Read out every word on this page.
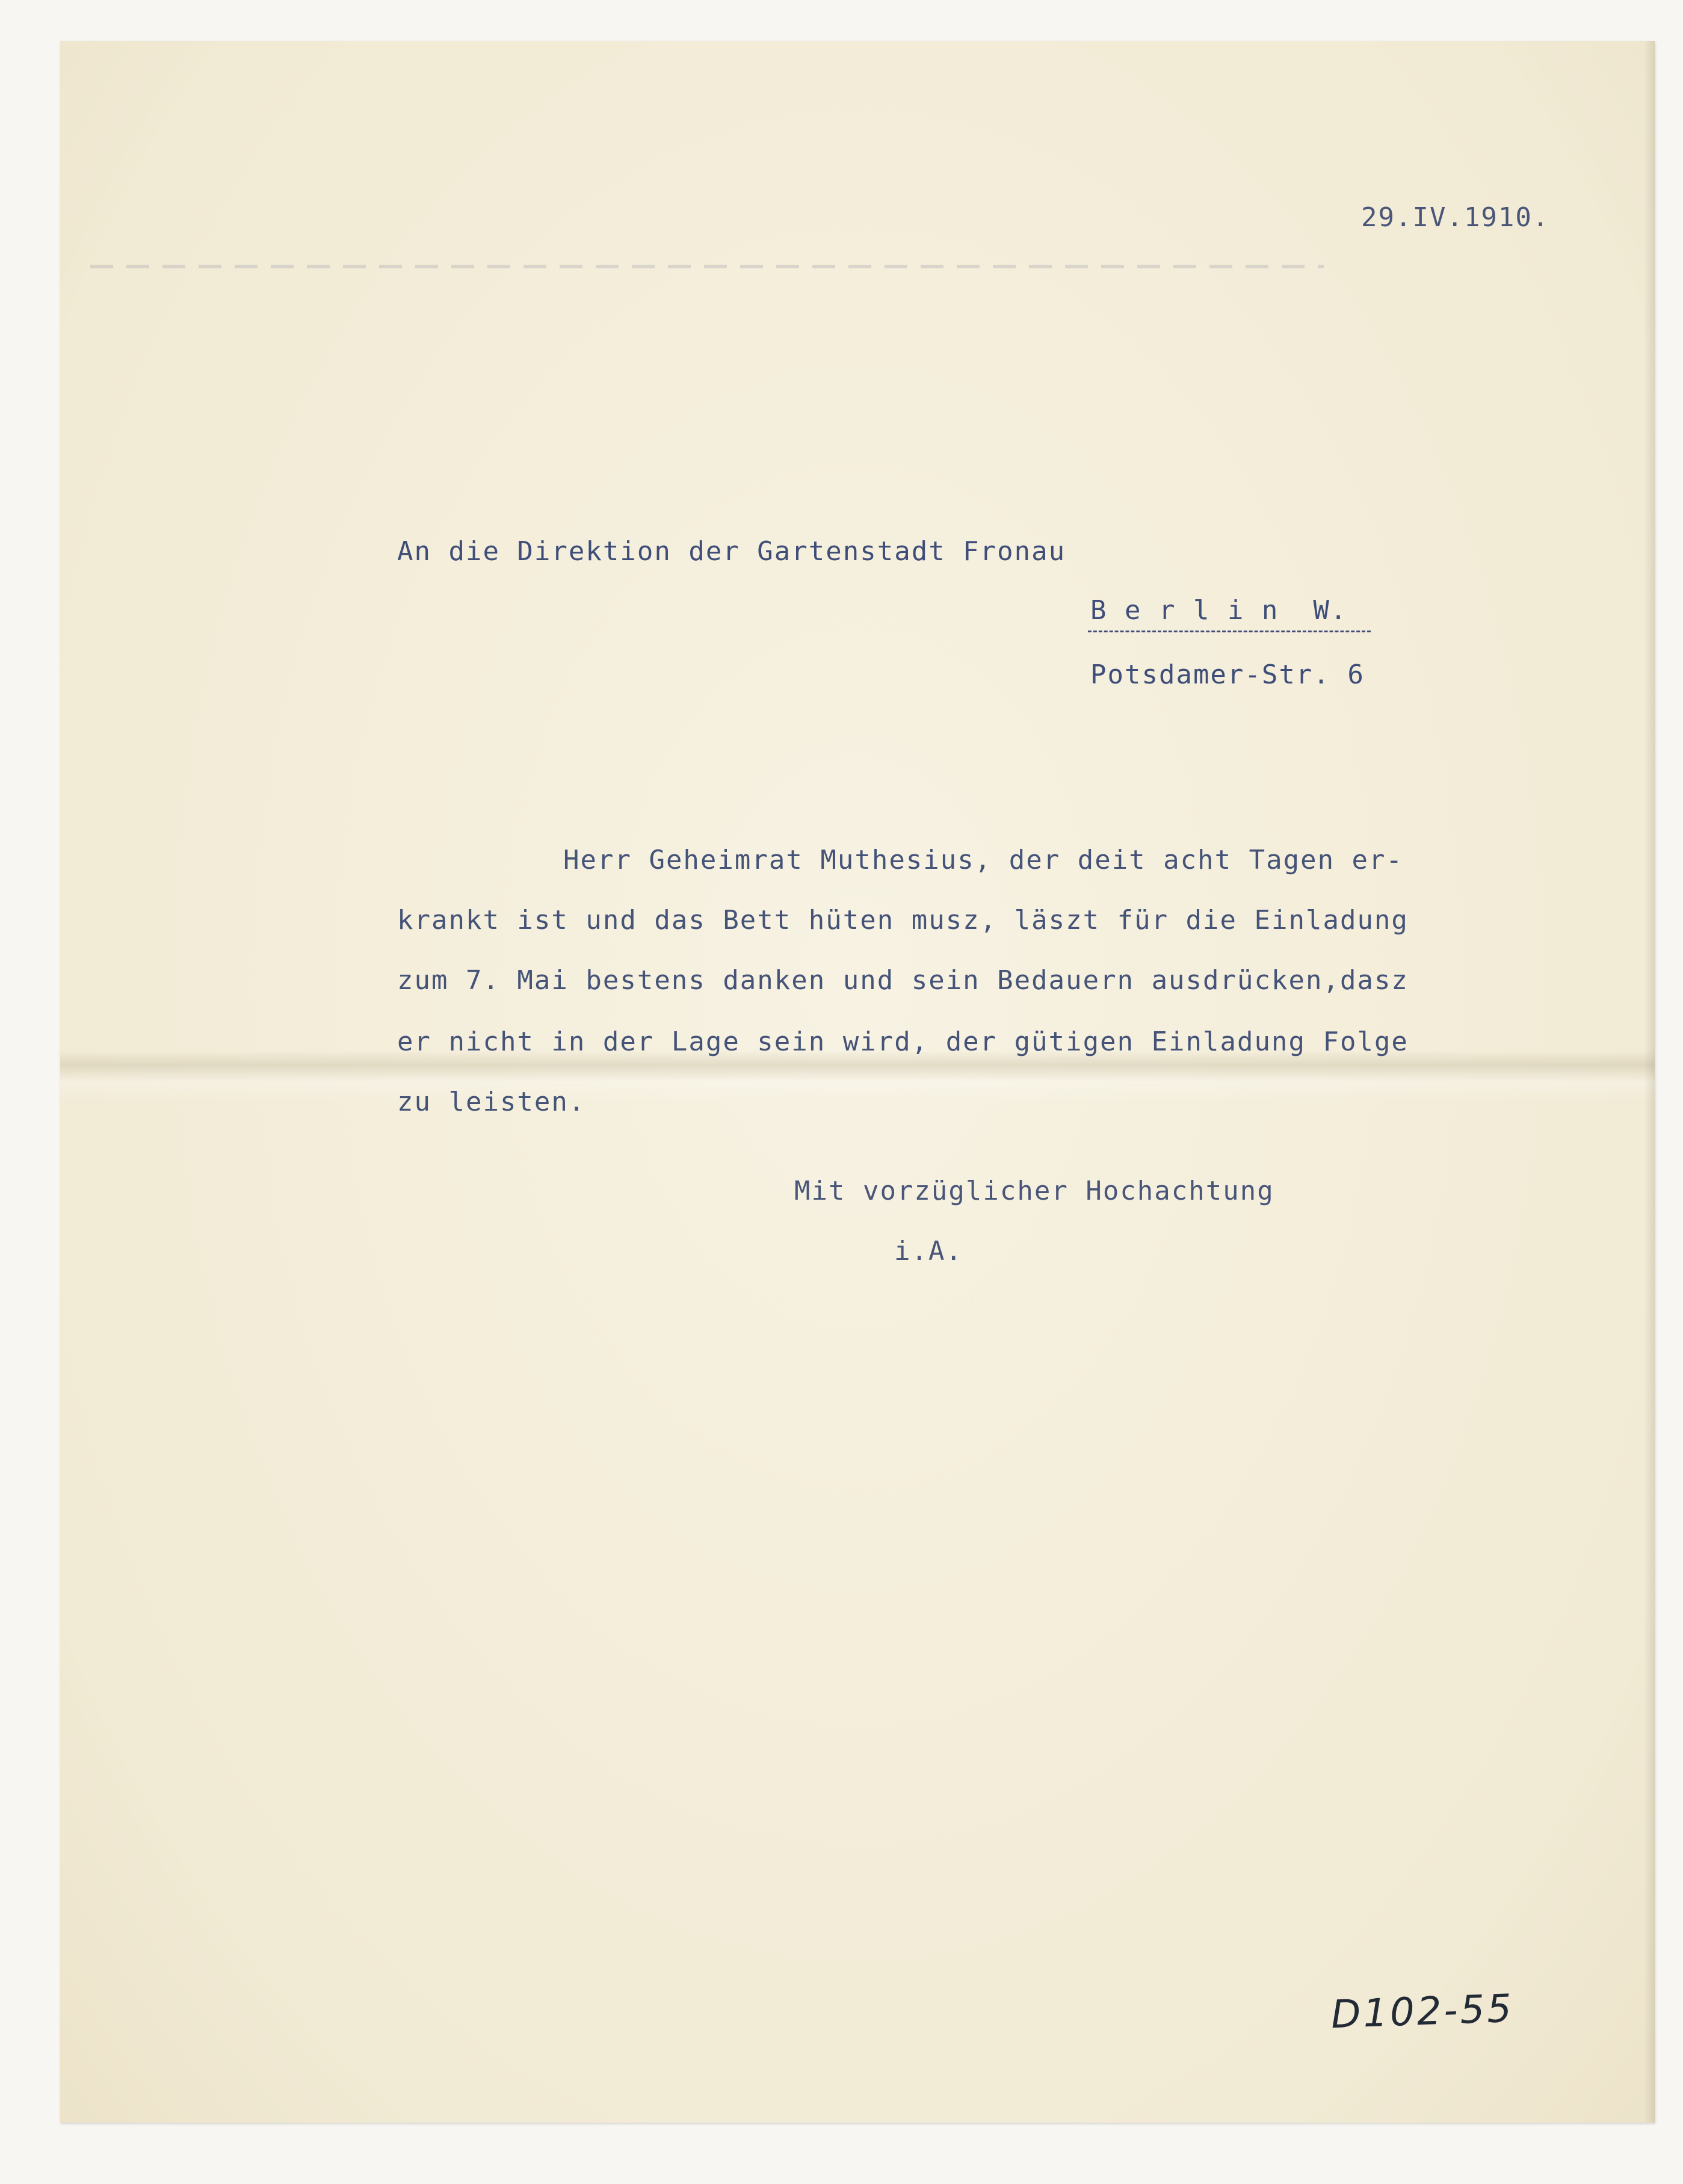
29.IV.1910.
An die Direktion der Gartenstadt Fronau
B e r l i n  W.
Potsdamer-Str. 6
Herr Geheimrat Muthesius, der deit acht Tagen er-
krankt ist und das Bett hüten musz, läszt für die Einladung
zum 7. Mai bestens danken und sein Bedauern ausdrücken,dasz
er nicht in der Lage sein wird, der gütigen Einladung Folge
zu leisten.
Mit vorzüglicher Hochachtung
i.A.
D102-55
